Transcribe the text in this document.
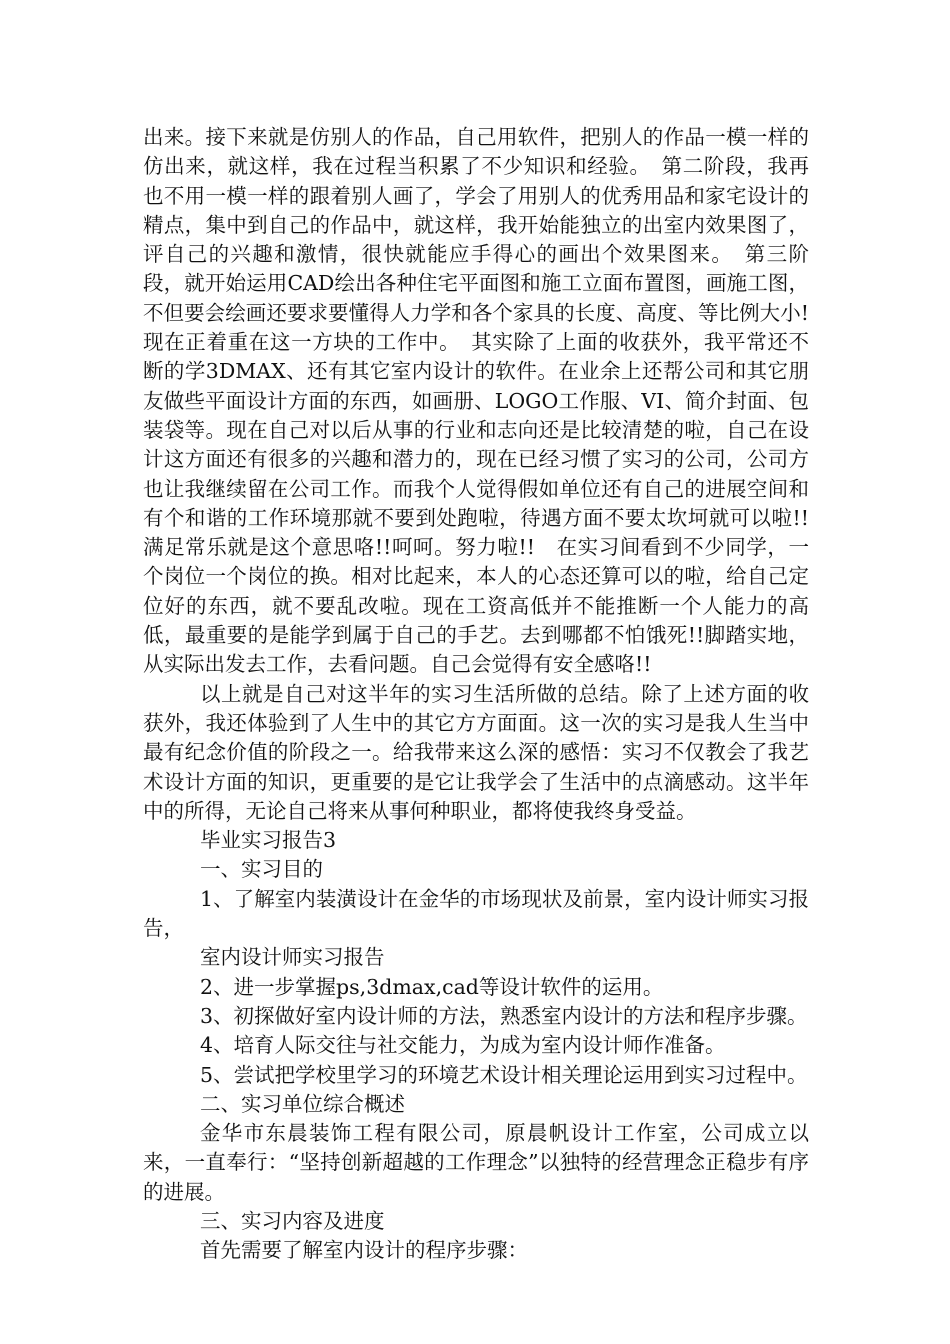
出来。接下来就是仿别人的作品，自己用软件，把别人的作品一模一样的仿出来，就这样，我在过程当积累了不少知识和经验。　第二阶段，我再也不用一模一样的跟着别人画了，学会了用别人的优秀用品和家宅设计的精点，集中到自己的作品中，就这样，我开始能独立的出室内效果图了，评自己的兴趣和激情，很快就能应手得心的画出个效果图来。　第三阶段，就开始运用CAD绘出各种住宅平面图和施工立面布置图，画施工图，不但要会绘画还要求要懂得人力学和各个家具的长度、高度、等比例大小!现在正着重在这一方块的工作中。　其实除了上面的收获外，我平常还不断的学3DMAX、还有其它室内设计的软件。在业余上还帮公司和其它朋友做些平面设计方面的东西，如画册、LOGO工作服、VI、简介封面、包装袋等。现在自己对以后从事的行业和志向还是比较清楚的啦，自己在设计这方面还有很多的兴趣和潜力的，现在已经习惯了实习的公司，公司方也让我继续留在公司工作。而我个人觉得假如单位还有自己的进展空间和有个和谐的工作环境那就不要到处跑啦，待遇方面不要太坎坷就可以啦!!满足常乐就是这个意思咯!!呵呵。努力啦!!　在实习间看到不少同学，一个岗位一个岗位的换。相对比起来，本人的心态还算可以的啦，给自己定位好的东西，就不要乱改啦。现在工资高低并不能推断一个人能力的高低，最重要的是能学到属于自己的手艺。去到哪都不怕饿死!!脚踏实地，从实际出发去工作，去看问题。自己会觉得有安全感咯!!

以上就是自己对这半年的实习生活所做的总结。除了上述方面的收获外，我还体验到了人生中的其它方方面面。这一次的实习是我人生当中最有纪念价值的阶段之一。给我带来这么深的感悟：实习不仅教会了我艺术设计方面的知识，更重要的是它让我学会了生活中的点滴感动。这半年中的所得，无论自己将来从事何种职业，都将使我终身受益。

毕业实习报告3

一、实习目的

1、了解室内装潢设计在金华的市场现状及前景，室内设计师实习报告，

室内设计师实习报告

2、进一步掌握ps,3dmax,cad等设计软件的运用。

3、初探做好室内设计师的方法，熟悉室内设计的方法和程序步骤。

4、培育人际交往与社交能力，为成为室内设计师作准备。

5、尝试把学校里学习的环境艺术设计相关理论运用到实习过程中。

二、实习单位综合概述

金华市东晨装饰工程有限公司，原晨帆设计工作室，公司成立以来，一直奉行：“坚持创新超越的工作理念”以独特的经营理念正稳步有序的进展。

三、实习内容及进度

首先需要了解室内设计的程序步骤：
